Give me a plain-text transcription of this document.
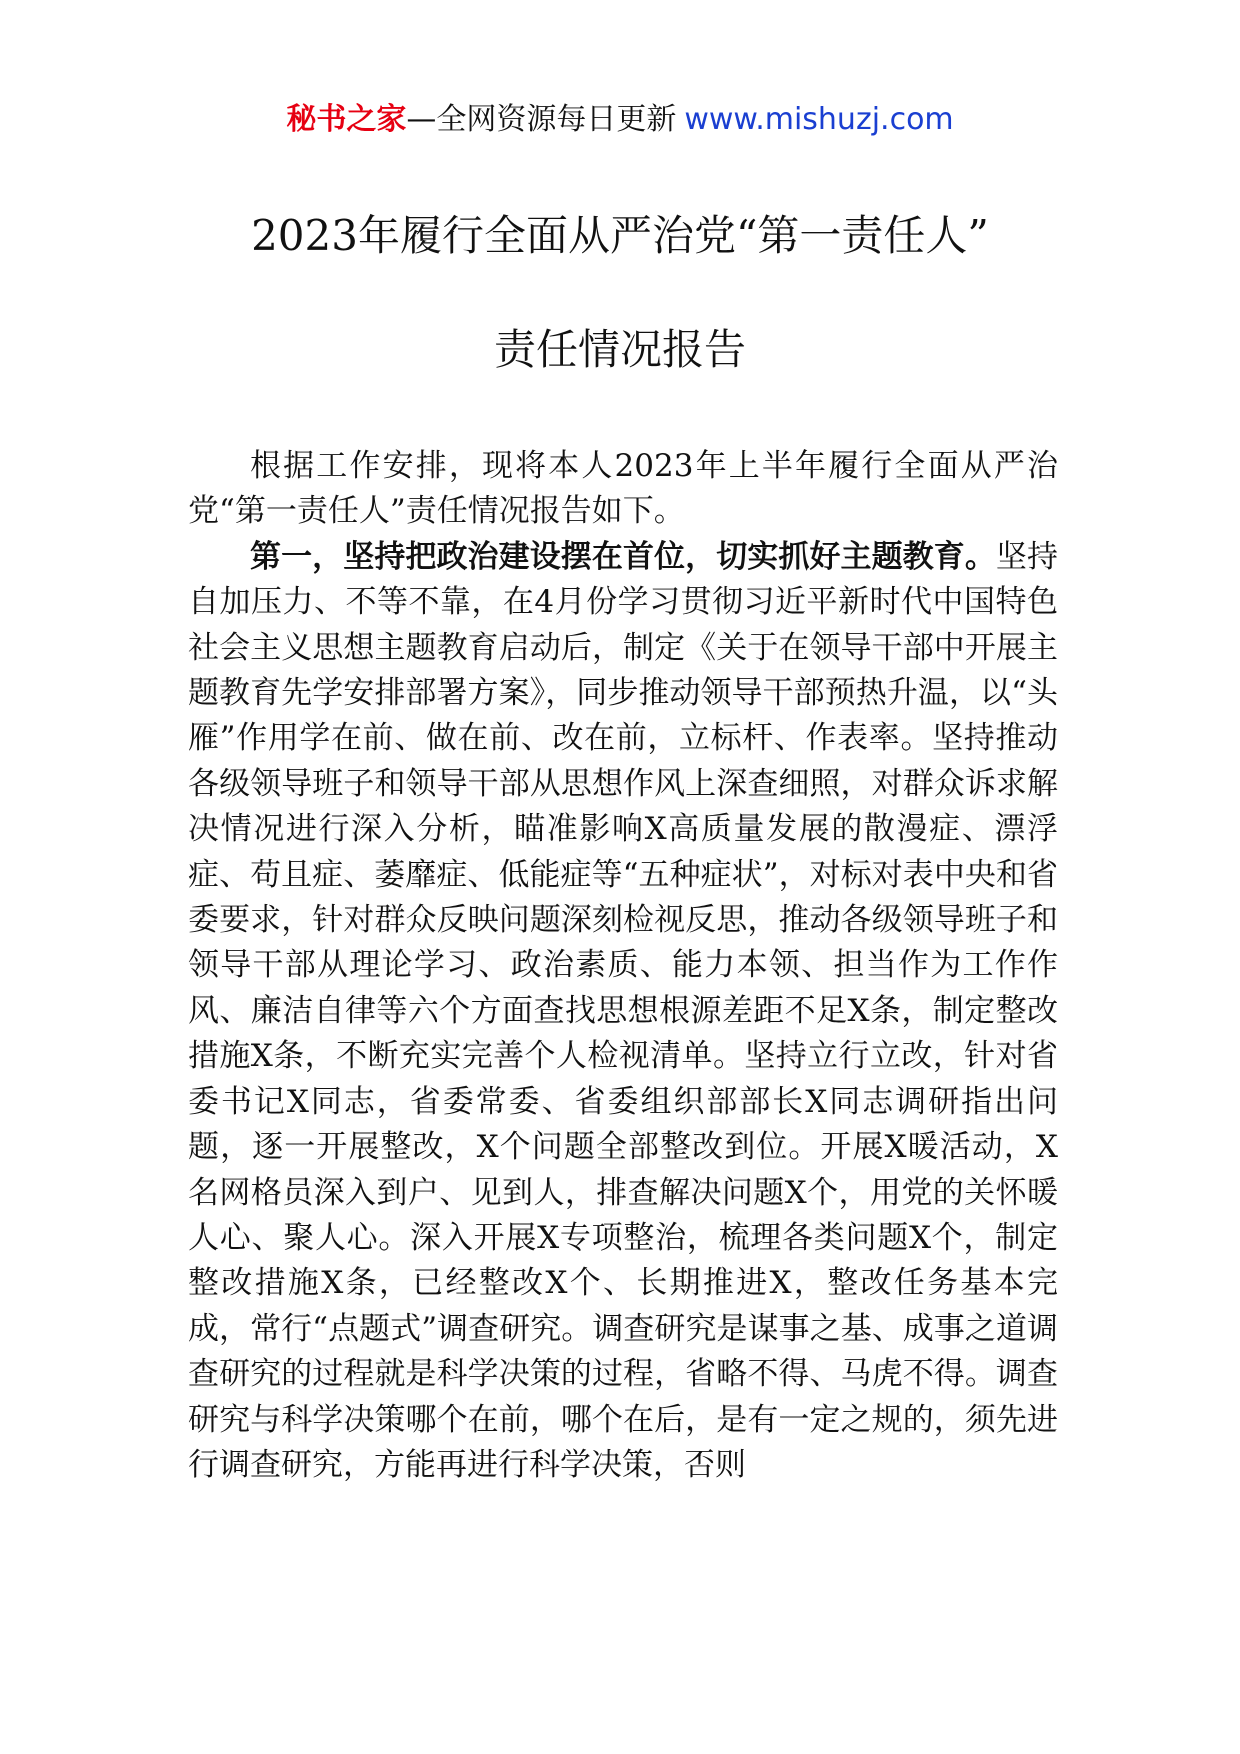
秘书之家—全网资源每日更新 www.mishuzj.com
2023年履行全面从严治党“第一责任人”
责任情况报告

根据工作安排，现将本人2023年上半年履行全面从严治党“第一责任人”责任情况报告如下。

第一，坚持把政治建设摆在首位，切实抓好主题教育。坚持自加压力、不等不靠，在4月份学习贯彻习近平新时代中国特色社会主义思想主题教育启动后，制定《关于在领导干部中开展主题教育先学安排部署方案》，同步推动领导干部预热升温，以“头雁”作用学在前、做在前、改在前，立标杆、作表率。坚持推动各级领导班子和领导干部从思想作风上深查细照，对群众诉求解决情况进行深入分析，瞄准影响X高质量发展的散漫症、漂浮症、苟且症、萎靡症、低能症等“五种症状”，对标对表中央和省委要求，针对群众反映问题深刻检视反思，推动各级领导班子和领导干部从理论学习、政治素质、能力本领、担当作为工作作风、廉洁自律等六个方面查找思想根源差距不足X条，制定整改措施X条，不断充实完善个人检视清单。坚持立行立改，针对省委书记X同志，省委常委、省委组织部部长X同志调研指出问题，逐一开展整改，X个问题全部整改到位。开展X暖活动，X名网格员深入到户、见到人，排查解决问题X个，用党的关怀暖人心、聚人心。深入开展X专项整治，梳理各类问题X个，制定整改措施X条，已经整改X个、长期推进X，整改任务基本完成，常行“点题式”调查研究。调查研究是谋事之基、成事之道调查研究的过程就是科学决策的过程，省略不得、马虎不得。调查研究与科学决策哪个在前，哪个在后，是有一定之规的，须先进行调查研究，方能再进行科学决策，否则
